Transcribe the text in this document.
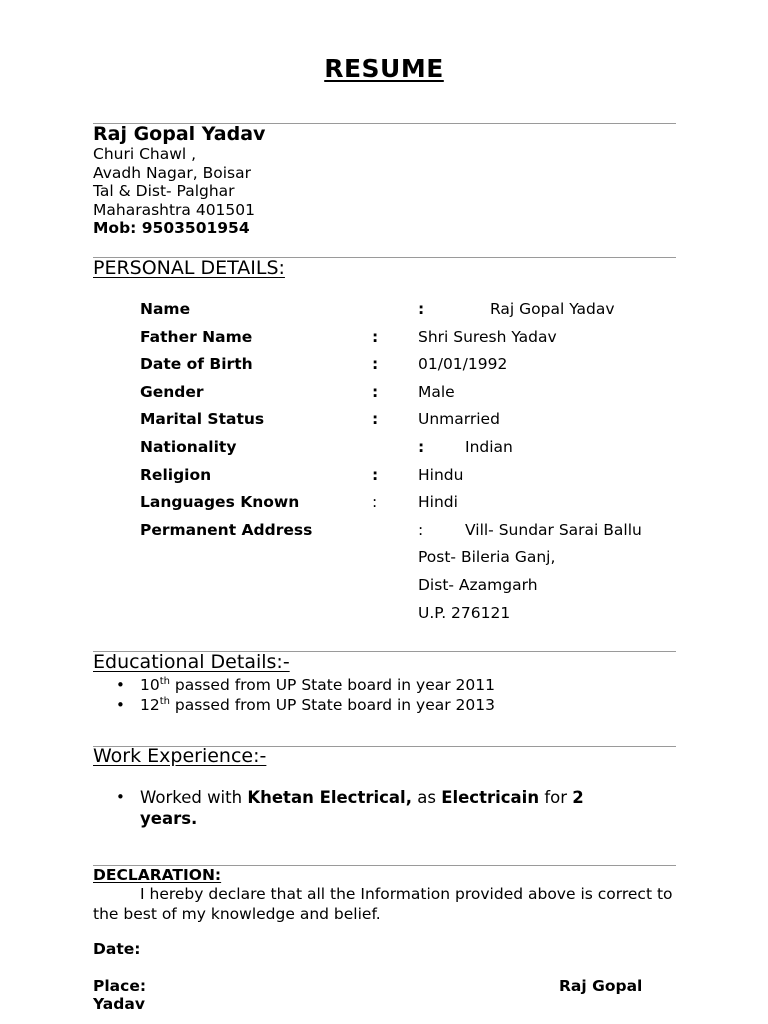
RESUME
Raj Gopal Yadav
Churi Chawl ,
Avadh Nagar, Boisar
Tal & Dist- Palghar
Maharashtra 401501
Mob: 9503501954
PERSONAL DETAILS:
Name	:	Raj Gopal Yadav
Father Name	:	Shri Suresh Yadav
Date of Birth	:	01/01/1992
Gender	:	Male
Marital Status	:	Unmarried
Nationality	:	Indian
Religion	:	Hindu
Languages Known	:	Hindi
Permanent Address	:	Vill- Sundar Sarai Ballu
Post- Bileria Ganj,
Dist- Azamgarh
U.P. 276121
Educational Details:-
• 10th passed from UP State board in year 2011
• 12th passed from UP State board in year 2013
Work Experience:-
• Worked with Khetan Electrical, as Electricain for 2
years.
DECLARATION:
I hereby declare that all the Information provided above is correct to the best of my knowledge and belief.
Date:
Place:	Raj Gopal
Yadav
